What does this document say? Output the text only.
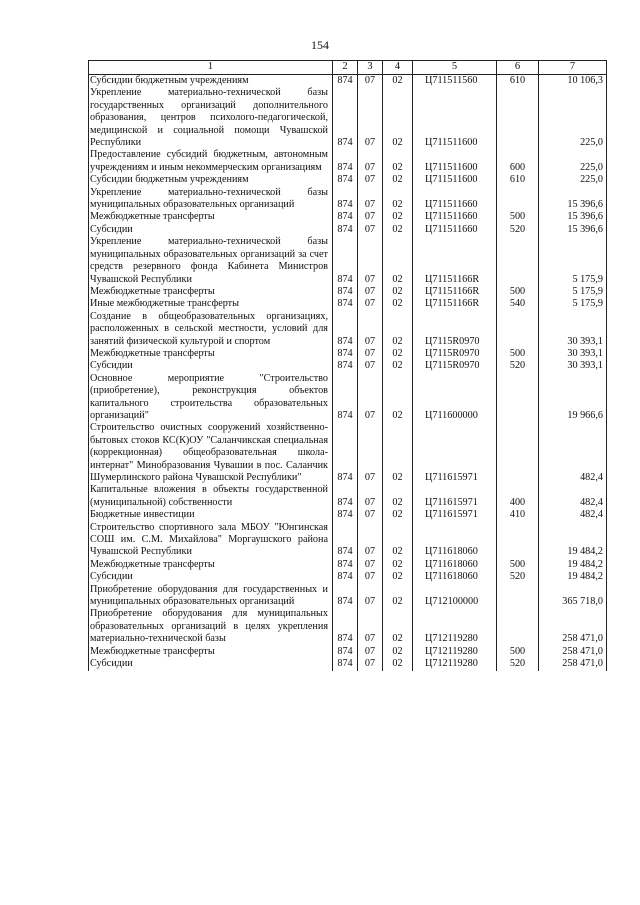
154
1	2	3	4	5	6	7
Субсидии бюджетным учреждениям	874	07	02	Ц711511560	610	10 106,3
Укрепление материально-технической базы государственных организаций дополнительного образования, центров психолого-педагогической, медицинской и социальной помощи Чувашской Республики	874	07	02	Ц711511600		225,0
Предоставление субсидий бюджетным, автономным учреждениям и иным некоммерческим организациям	874	07	02	Ц711511600	600	225,0
Субсидии бюджетным учреждениям	874	07	02	Ц711511600	610	225,0
Укрепление материально-технической базы муниципальных образовательных организаций	874	07	02	Ц711511660		15 396,6
Межбюджетные трансферты	874	07	02	Ц711511660	500	15 396,6
Субсидии	874	07	02	Ц711511660	520	15 396,6
Укрепление материально-технической базы муниципальных образовательных организаций за счет средств резервного фонда Кабинета Министров Чувашской Республики	874	07	02	Ц71151166R		5 175,9
Межбюджетные трансферты	874	07	02	Ц71151166R	500	5 175,9
Иные межбюджетные трансферты	874	07	02	Ц71151166R	540	5 175,9
Создание в общеобразовательных организациях, расположенных в сельской местности, условий для занятий физической культурой и спортом	874	07	02	Ц7115R0970		30 393,1
Межбюджетные трансферты	874	07	02	Ц7115R0970	500	30 393,1
Субсидии	874	07	02	Ц7115R0970	520	30 393,1
Основное мероприятие "Строительство (приобретение), реконструкция объектов капитального строительства образовательных организаций"	874	07	02	Ц711600000		19 966,6
Строительство очистных сооружений хозяйственно-бытовых стоков КС(К)ОУ "Саланчикская специальная (коррекционная) общеобразовательная школа-интернат" Минобразования Чувашии в пос. Саланчик Шумерлинского района Чувашской Республики"	874	07	02	Ц711615971		482,4
Капитальные вложения в объекты государственной (муниципальной) собственности	874	07	02	Ц711615971	400	482,4
Бюджетные инвестиции	874	07	02	Ц711615971	410	482,4
Строительство спортивного зала МБОУ "Юнгинская СОШ им. С.М. Михайлова" Моргаушского района Чувашской Республики	874	07	02	Ц711618060		19 484,2
Межбюджетные трансферты	874	07	02	Ц711618060	500	19 484,2
Субсидии	874	07	02	Ц711618060	520	19 484,2
Приобретение оборудования для государственных и муниципальных образовательных организаций	874	07	02	Ц712100000		365 718,0
Приобретение оборудования для муниципальных образовательных организаций в целях укрепления материально-технической базы	874	07	02	Ц712119280		258 471,0
Межбюджетные трансферты	874	07	02	Ц712119280	500	258 471,0
Субсидии	874	07	02	Ц712119280	520	258 471,0
